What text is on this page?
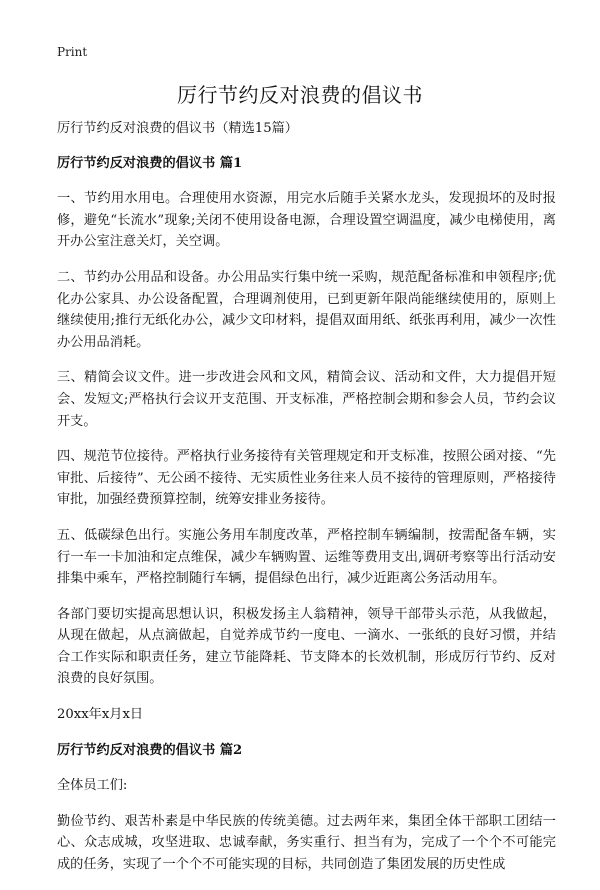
Print
厉行节约反对浪费的倡议书

厉行节约反对浪费的倡议书（精选15篇）

厉行节约反对浪费的倡议书 篇1

一、节约用水用电。合理使用水资源，用完水后随手关紧水龙头，发现损坏的及时报修，避免“长流水”现象;关闭不使用设备电源，合理设置空调温度，减少电梯使用，离开办公室注意关灯，关空调。

二、节约办公用品和设备。办公用品实行集中统一采购，规范配备标准和申领程序;优化办公家具、办公设备配置，合理调剂使用，已到更新年限尚能继续使用的，原则上继续使用;推行无纸化办公，减少文印材料，提倡双面用纸、纸张再利用，减少一次性办公用品消耗。

三、精简会议文件。进一步改进会风和文风，精简会议、活动和文件，大力提倡开短会、发短文;严格执行会议开支范围、开支标准，严格控制会期和参会人员，节约会议开支。

四、规范节位接待。严格执行业务接待有关管理规定和开支标准，按照公函对接、“先审批、后接待”、无公函不接待、无实质性业务往来人员不接待的管理原则，严格接待审批，加强经费预算控制，统筹安排业务接待。

五、低碳绿色出行。实施公务用车制度改革，严格控制车辆编制，按需配备车辆，实行一车一卡加油和定点维保，减少车辆购置、运维等费用支出,调研考察等出行活动安排集中乘车，严格控制随行车辆，提倡绿色出行，减少近距离公务活动用车。

各部门要切实提高思想认识，积极发扬主人翁精神，领导干部带头示范，从我做起，从现在做起，从点滴做起，自觉养成节约一度电、一滴水、一张纸的良好习惯，并结合工作实际和职责任务，建立节能降耗、节支降本的长效机制，形成厉行节约、反对浪费的良好氛围。

20xx年x月x日

厉行节约反对浪费的倡议书 篇2

全体员工们:

勤俭节约、艰苦朴素是中华民族的传统美德。过去两年来，集团全体干部职工团结一心、众志成城，攻坚进取、忠诚奉献，务实重行、担当有为，完成了一个个不可能完成的任务，实现了一个个不可能实现的目标，共同创造了集团发展的历史性成
